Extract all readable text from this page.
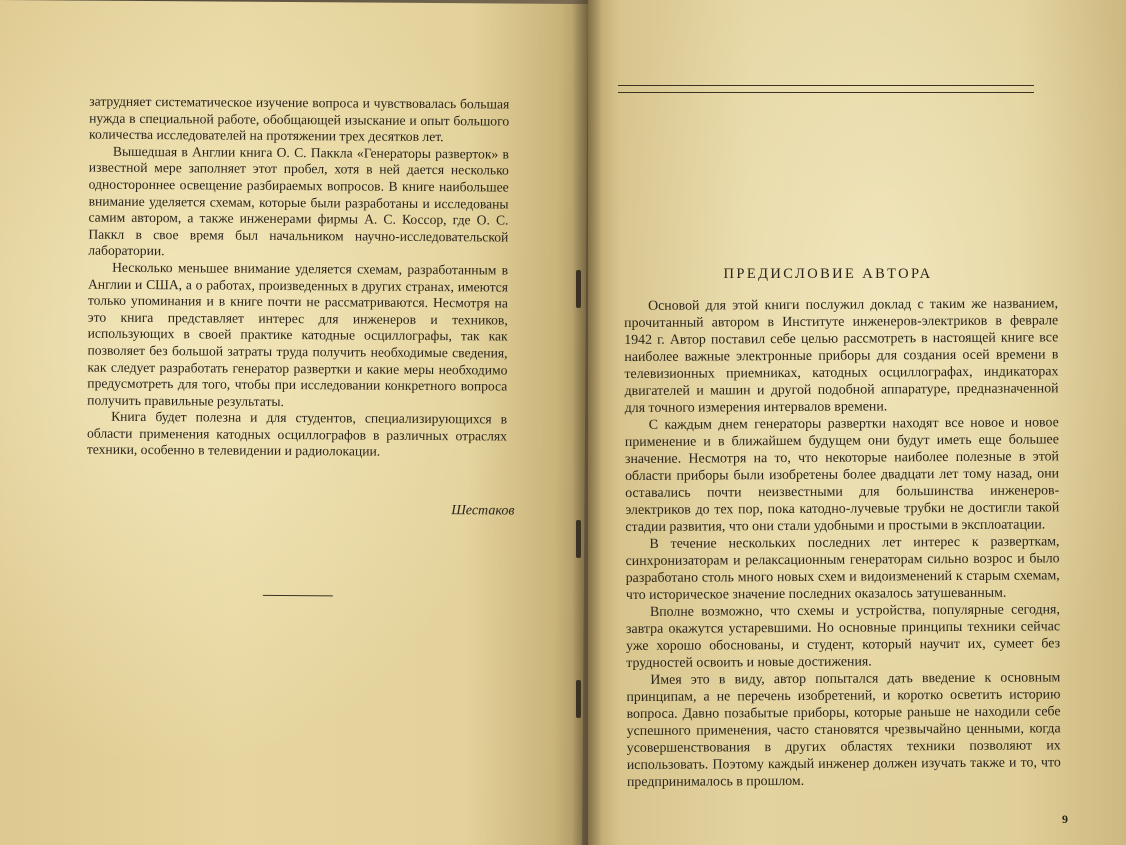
затрудняет систематическое изучение вопроса и чувствовалась большая нужда в специальной работе, обобщающей изыскание и опыт большого количества исследователей на протяжении трех десятков лет.

Вышедшая в Англии книга О. С. Паккла «Генераторы разверток» в известной мере заполняет этот пробел, хотя в ней дается несколько одностороннее освещение разбираемых вопросов. В книге наибольшее внимание уделяется схемам, которые были разработаны и исследованы самим автором, а также инженерами фирмы А. С. Коссор, где О. С. Паккл в свое время был начальником научно-исследовательской лаборатории.

Несколько меньшее внимание уделяется схемам, разработанным в Англии и США, а о работах, произведенных в других странах, имеются только упоминания и в книге почти не рассматриваются. Несмотря на это книга представляет интерес для инженеров и техников, использующих в своей практике катодные осциллографы, так как позволяет без большой затраты труда получить необходимые сведения, как следует разработать генератор развертки и какие меры необходимо предусмотреть для того, чтобы при исследовании конкретного вопроса получить правильные результаты.

Книга будет полезна и для студентов, специализирующихся в области применения катодных осциллографов в различных отраслях техники, особенно в телевидении и радиолокации.

Шестаков
ПРЕДИСЛОВИЕ АВТОРА

Основой для этой книги послужил доклад с таким же названием, прочитанный автором в Институте инженеров-электриков в феврале 1942 г. Автор поставил себе целью рассмотреть в настоящей книге все наиболее важные электронные приборы для создания осей времени в телевизионных приемниках, катодных осциллографах, индикаторах двигателей и машин и другой подобной аппаратуре, предназначенной для точного измерения интервалов времени.

С каждым днем генераторы развертки находят все новое и новое применение и в ближайшем будущем они будут иметь еще большее значение. Несмотря на то, что некоторые наиболее полезные в этой области приборы были изобретены более двадцати лет тому назад, они оставались почти неизвестными для большинства инженеров-электриков до тех пор, пока катодно-лучевые трубки не достигли такой стадии развития, что они стали удобными и простыми в эксплоатации.

В течение нескольких последних лет интерес к разверткам, синхронизаторам и релаксационным генераторам сильно возрос и было разработано столь много новых схем и видоизменений к старым схемам, что историческое значение последних оказалось затушеванным.

Вполне возможно, что схемы и устройства, популярные сегодня, завтра окажутся устаревшими. Но основные принципы техники сейчас уже хорошо обоснованы, и студент, который научит их, сумеет без трудностей освоить и новые достижения.

Имея это в виду, автор попытался дать введение к основным принципам, а не перечень изобретений, и коротко осветить историю вопроса. Давно позабытые приборы, которые раньше не находили себе успешного применения, часто становятся чрезвычайно ценными, когда усовершенствования в других областях техники позволяют их использовать. Поэтому каждый инженер должен изучать также и то, что предпринималось в прошлом.

9
